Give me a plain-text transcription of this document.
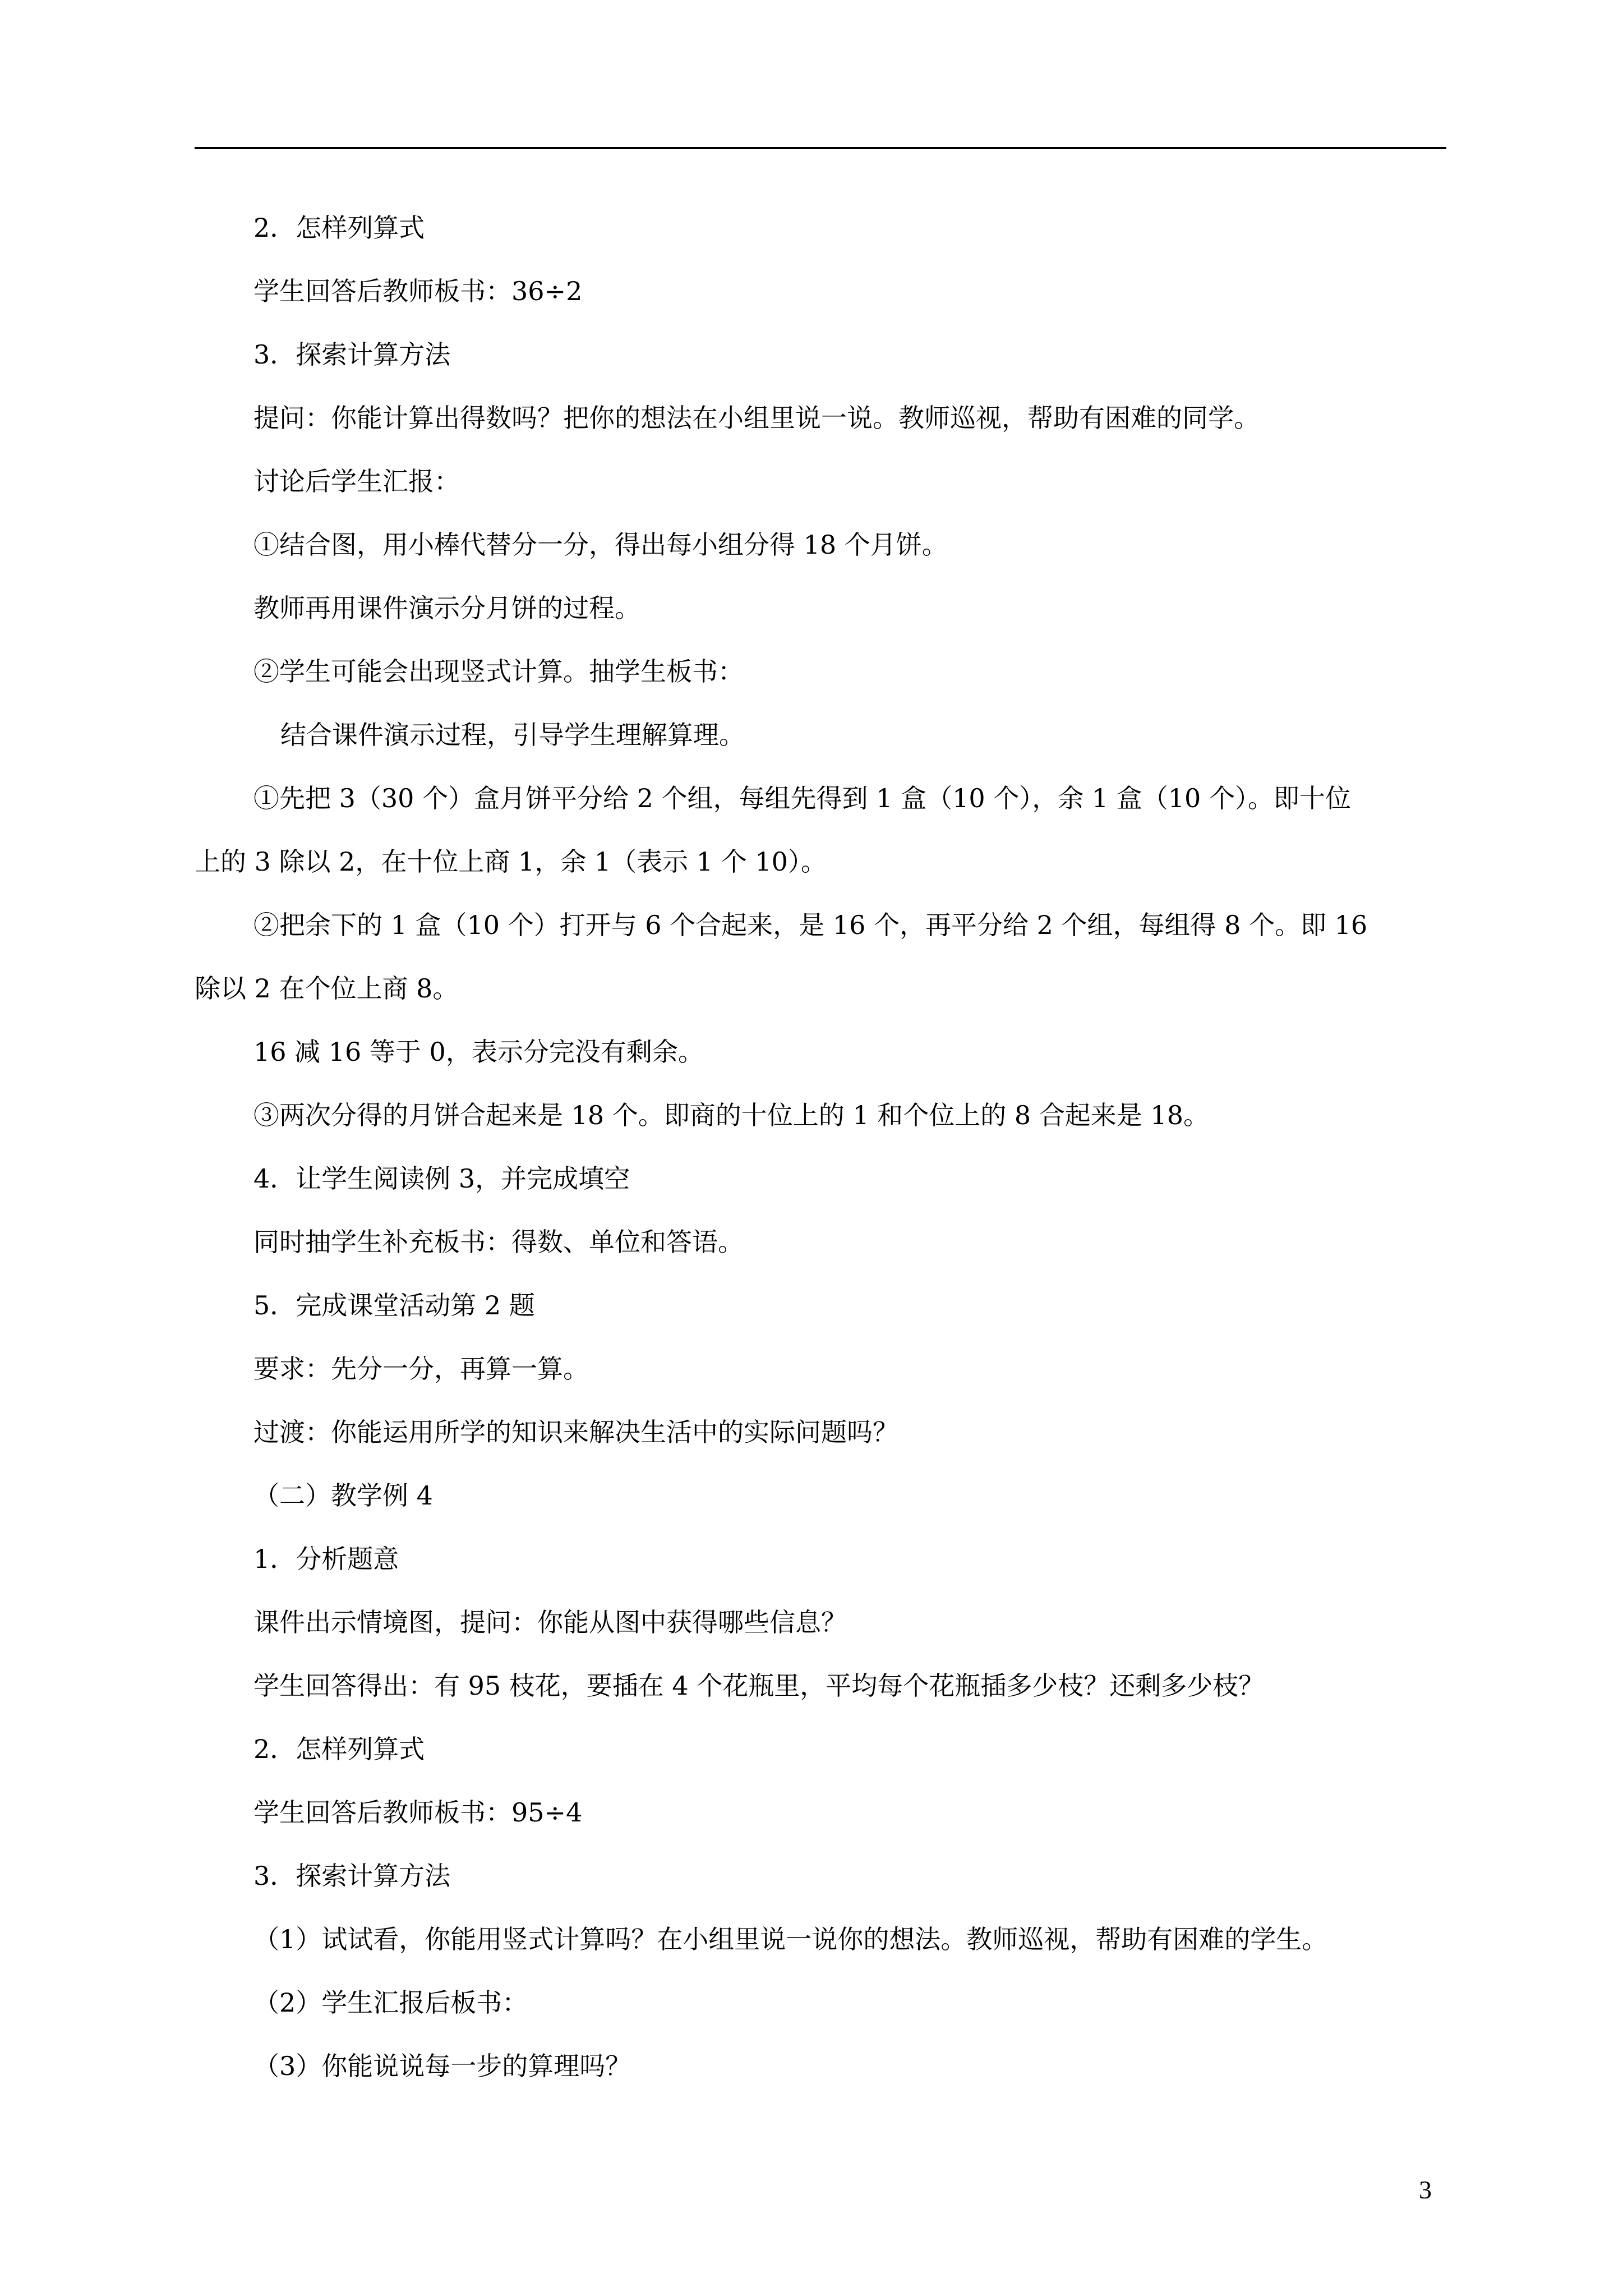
2．怎样列算式

学生回答后教师板书：36÷2

3．探索计算方法

提问：你能计算出得数吗？把你的想法在小组里说一说。教师巡视，帮助有困难的同学。

讨论后学生汇报：

①结合图，用小棒代替分一分，得出每小组分得 18 个月饼。

教师再用课件演示分月饼的过程。

②学生可能会出现竖式计算。抽学生板书：

结合课件演示过程，引导学生理解算理。

①先把 3（30 个）盒月饼平分给 2 个组，每组先得到 1 盒（10 个），余 1 盒（10 个）。即十位

上的 3 除以 2，在十位上商 1，余 1（表示 1 个 10）。

②把余下的 1 盒（10 个）打开与 6 个合起来，是 16 个，再平分给 2 个组，每组得 8 个。即 16

除以 2 在个位上商 8。

16 减 16 等于 0，表示分完没有剩余。

③两次分得的月饼合起来是 18 个。即商的十位上的 1 和个位上的 8 合起来是 18。

4．让学生阅读例 3，并完成填空

同时抽学生补充板书：得数、单位和答语。

5．完成课堂活动第 2 题

要求：先分一分，再算一算。

过渡：你能运用所学的知识来解决生活中的实际问题吗？

（二）教学例 4

1．分析题意

课件出示情境图，提问：你能从图中获得哪些信息？

学生回答得出：有 95 枝花，要插在 4 个花瓶里，平均每个花瓶插多少枝？还剩多少枝？

2．怎样列算式

学生回答后教师板书：95÷4

3．探索计算方法

（1）试试看，你能用竖式计算吗？在小组里说一说你的想法。教师巡视，帮助有困难的学生。

（2）学生汇报后板书：

（3）你能说说每一步的算理吗？

3
